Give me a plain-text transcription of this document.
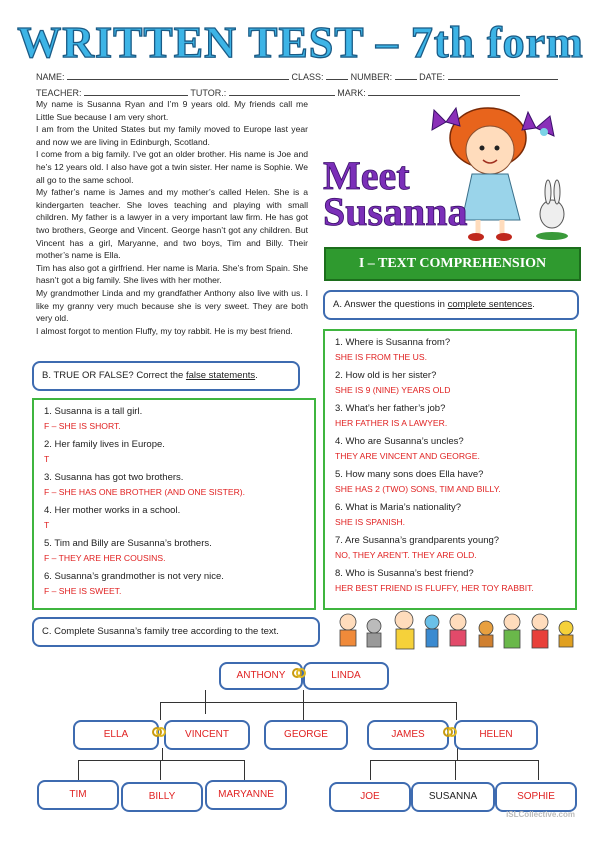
WRITTEN TEST – 7th form
NAME:	CLASS:	NUMBER:	DATE:
TEACHER:	TUTOR.:	MARK:

My name is Susanna Ryan and I’m 9 years old. My friends call me Little Sue because I am very short.

I am from the United States but my family moved to Europe last year and now we are living in Edinburgh, Scotland.

I come from a big family. I’ve got an older brother. His name is Joe and he’s 12 years old. I also have got a twin sister. Her name is Sophie. We all go to the same school.

My father’s name is James and my mother’s called Helen. She is a kindergarten teacher. She loves teaching and playing with small children. My father is a lawyer in a very important law firm. He has got two brothers, George and Vincent. George hasn’t got any children. But Vincent has a girl, Maryanne, and two boys, Tim and Billy. Their mother’s name is Ella.

Tim has also got a girlfriend. Her name is Maria. She’s from Spain. She hasn’t got a big family. She lives with her mother.

My grandmother Linda and my grandfather Anthony also live with us. I like my granny very much because she is very sweet. They are both very old.

I almost forgot to mention Fluffy, my toy rabbit. He is my best friend.

Meet
Susanna
I – TEXT COMPREHENSION
A. Answer the questions in complete sentences.

1. Where is Susanna from?

SHE IS FROM THE US.

2. How old is her sister?

SHE IS 9 (NINE) YEARS OLD

3. What’s her father’s job?

HER FATHER IS A LAWYER.

4. Who are Susanna’s uncles?

THEY ARE VINCENT AND GEORGE.

5. How many sons does Ella have?

SHE HAS 2 (TWO) SONS, TIM AND BILLY.

6. What is Maria’s nationality?

SHE IS SPANISH.

7. Are Susanna’s grandparents young?

NO, THEY AREN’T. THEY ARE OLD.

8. Who is Susanna’s best friend?

HER BEST FRIEND IS FLUFFY, HER TOY RABBIT.

B. TRUE OR FALSE? Correct the false statements.

1. Susanna is a tall girl.

F – SHE IS SHORT.

2. Her family lives in Europe.

T

3. Susanna has got two brothers.

F – SHE HAS ONE BROTHER (AND ONE SISTER).

4. Her mother works in a school.

T

5. Tim and Billy are Susanna’s brothers.

F – THEY ARE HER COUSINS.

6. Susanna’s grandmother is not very nice.

F – SHE IS SWEET.

C. Complete Susanna’s family tree according to the text.
ANTHONY	LINDA
ELLA	VINCENT	GEORGE	JAMES	HELEN
TIM	BILLY	MARYANNE	JOE	SUSANNA	SOPHIE
iSLCollective.com
